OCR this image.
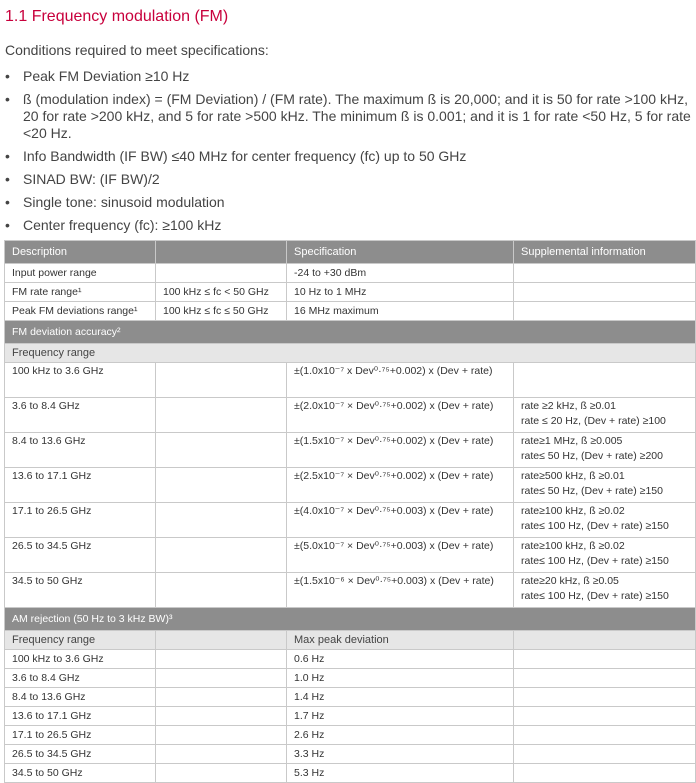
1.1 Frequency modulation (FM)
Conditions required to meet specifications:
• Peak FM Deviation ≥10 Hz
• ß (modulation index) = (FM Deviation) / (FM rate). The maximum ß is 20,000; and it is 50 for rate >100 kHz, 20 for rate >200 kHz, and 5 for rate >500 kHz. The minimum ß is 0.001; and it is 1 for rate <50 Hz, 5 for rate <20 Hz.
• Info Bandwidth (IF BW) ≤40 MHz for center frequency (fc) up to 50 GHz
• SINAD BW: (IF BW)/2
• Single tone: sinusoid modulation
• Center frequency (fc): ≥100 kHz
Description		Specification	Supplemental information
Input power range		-24 to +30 dBm	
FM rate range¹	100 kHz ≤ fc < 50 GHz	10 Hz to 1 MHz	
Peak FM deviations range¹	100 kHz ≤ fc ≤ 50 GHz	16 MHz maximum	
FM deviation accuracy²			
Frequency range			
100 kHz to 3.6 GHz		±(1.0x10⁻⁷ x Dev⁰·⁷⁵+0.002) x (Dev + rate)	

3.6 to 8.4 GHz		±(2.0x10⁻⁷ × Dev⁰·⁷⁵+0.002) x (Dev + rate)	rate ≥2 kHz, ß ≥0.01
rate ≤ 20 Hz, (Dev + rate) ≥100

8.4 to 13.6 GHz		±(1.5x10⁻⁷ × Dev⁰·⁷⁵+0.002) x (Dev + rate)	rate≥1 MHz, ß ≥0.005
rate≤ 50 Hz, (Dev + rate) ≥200

13.6 to 17.1 GHz		±(2.5x10⁻⁷ × Dev⁰·⁷⁵+0.002) x (Dev + rate)	rate≥500 kHz, ß ≥0.01
rate≤ 50 Hz, (Dev + rate) ≥150

17.1 to 26.5 GHz		±(4.0x10⁻⁷ × Dev⁰·⁷⁵+0.003) x (Dev + rate)	rate≥100 kHz, ß ≥0.02
rate≤ 100 Hz, (Dev + rate) ≥150

26.5 to 34.5 GHz		±(5.0x10⁻⁷ × Dev⁰·⁷⁵+0.003) x (Dev + rate)	rate≥100 kHz, ß ≥0.02
rate≤ 100 Hz, (Dev + rate) ≥150

34.5 to 50 GHz		±(1.5x10⁻⁶ × Dev⁰·⁷⁵+0.003) x (Dev + rate)	rate≥20 kHz, ß ≥0.05
rate≤ 100 Hz, (Dev + rate) ≥150

AM rejection (50 Hz to 3 kHz BW)³			
Frequency range		Max peak deviation	
100 kHz to 3.6 GHz		0.6 Hz	
3.6 to 8.4 GHz		1.0 Hz	
8.4 to 13.6 GHz		1.4 Hz	
13.6 to 17.1 GHz		1.7 Hz	
17.1 to 26.5 GHz		2.6 Hz	
26.5 to 34.5 GHz		3.3 Hz	
34.5 to 50 GHz		5.3 Hz	
